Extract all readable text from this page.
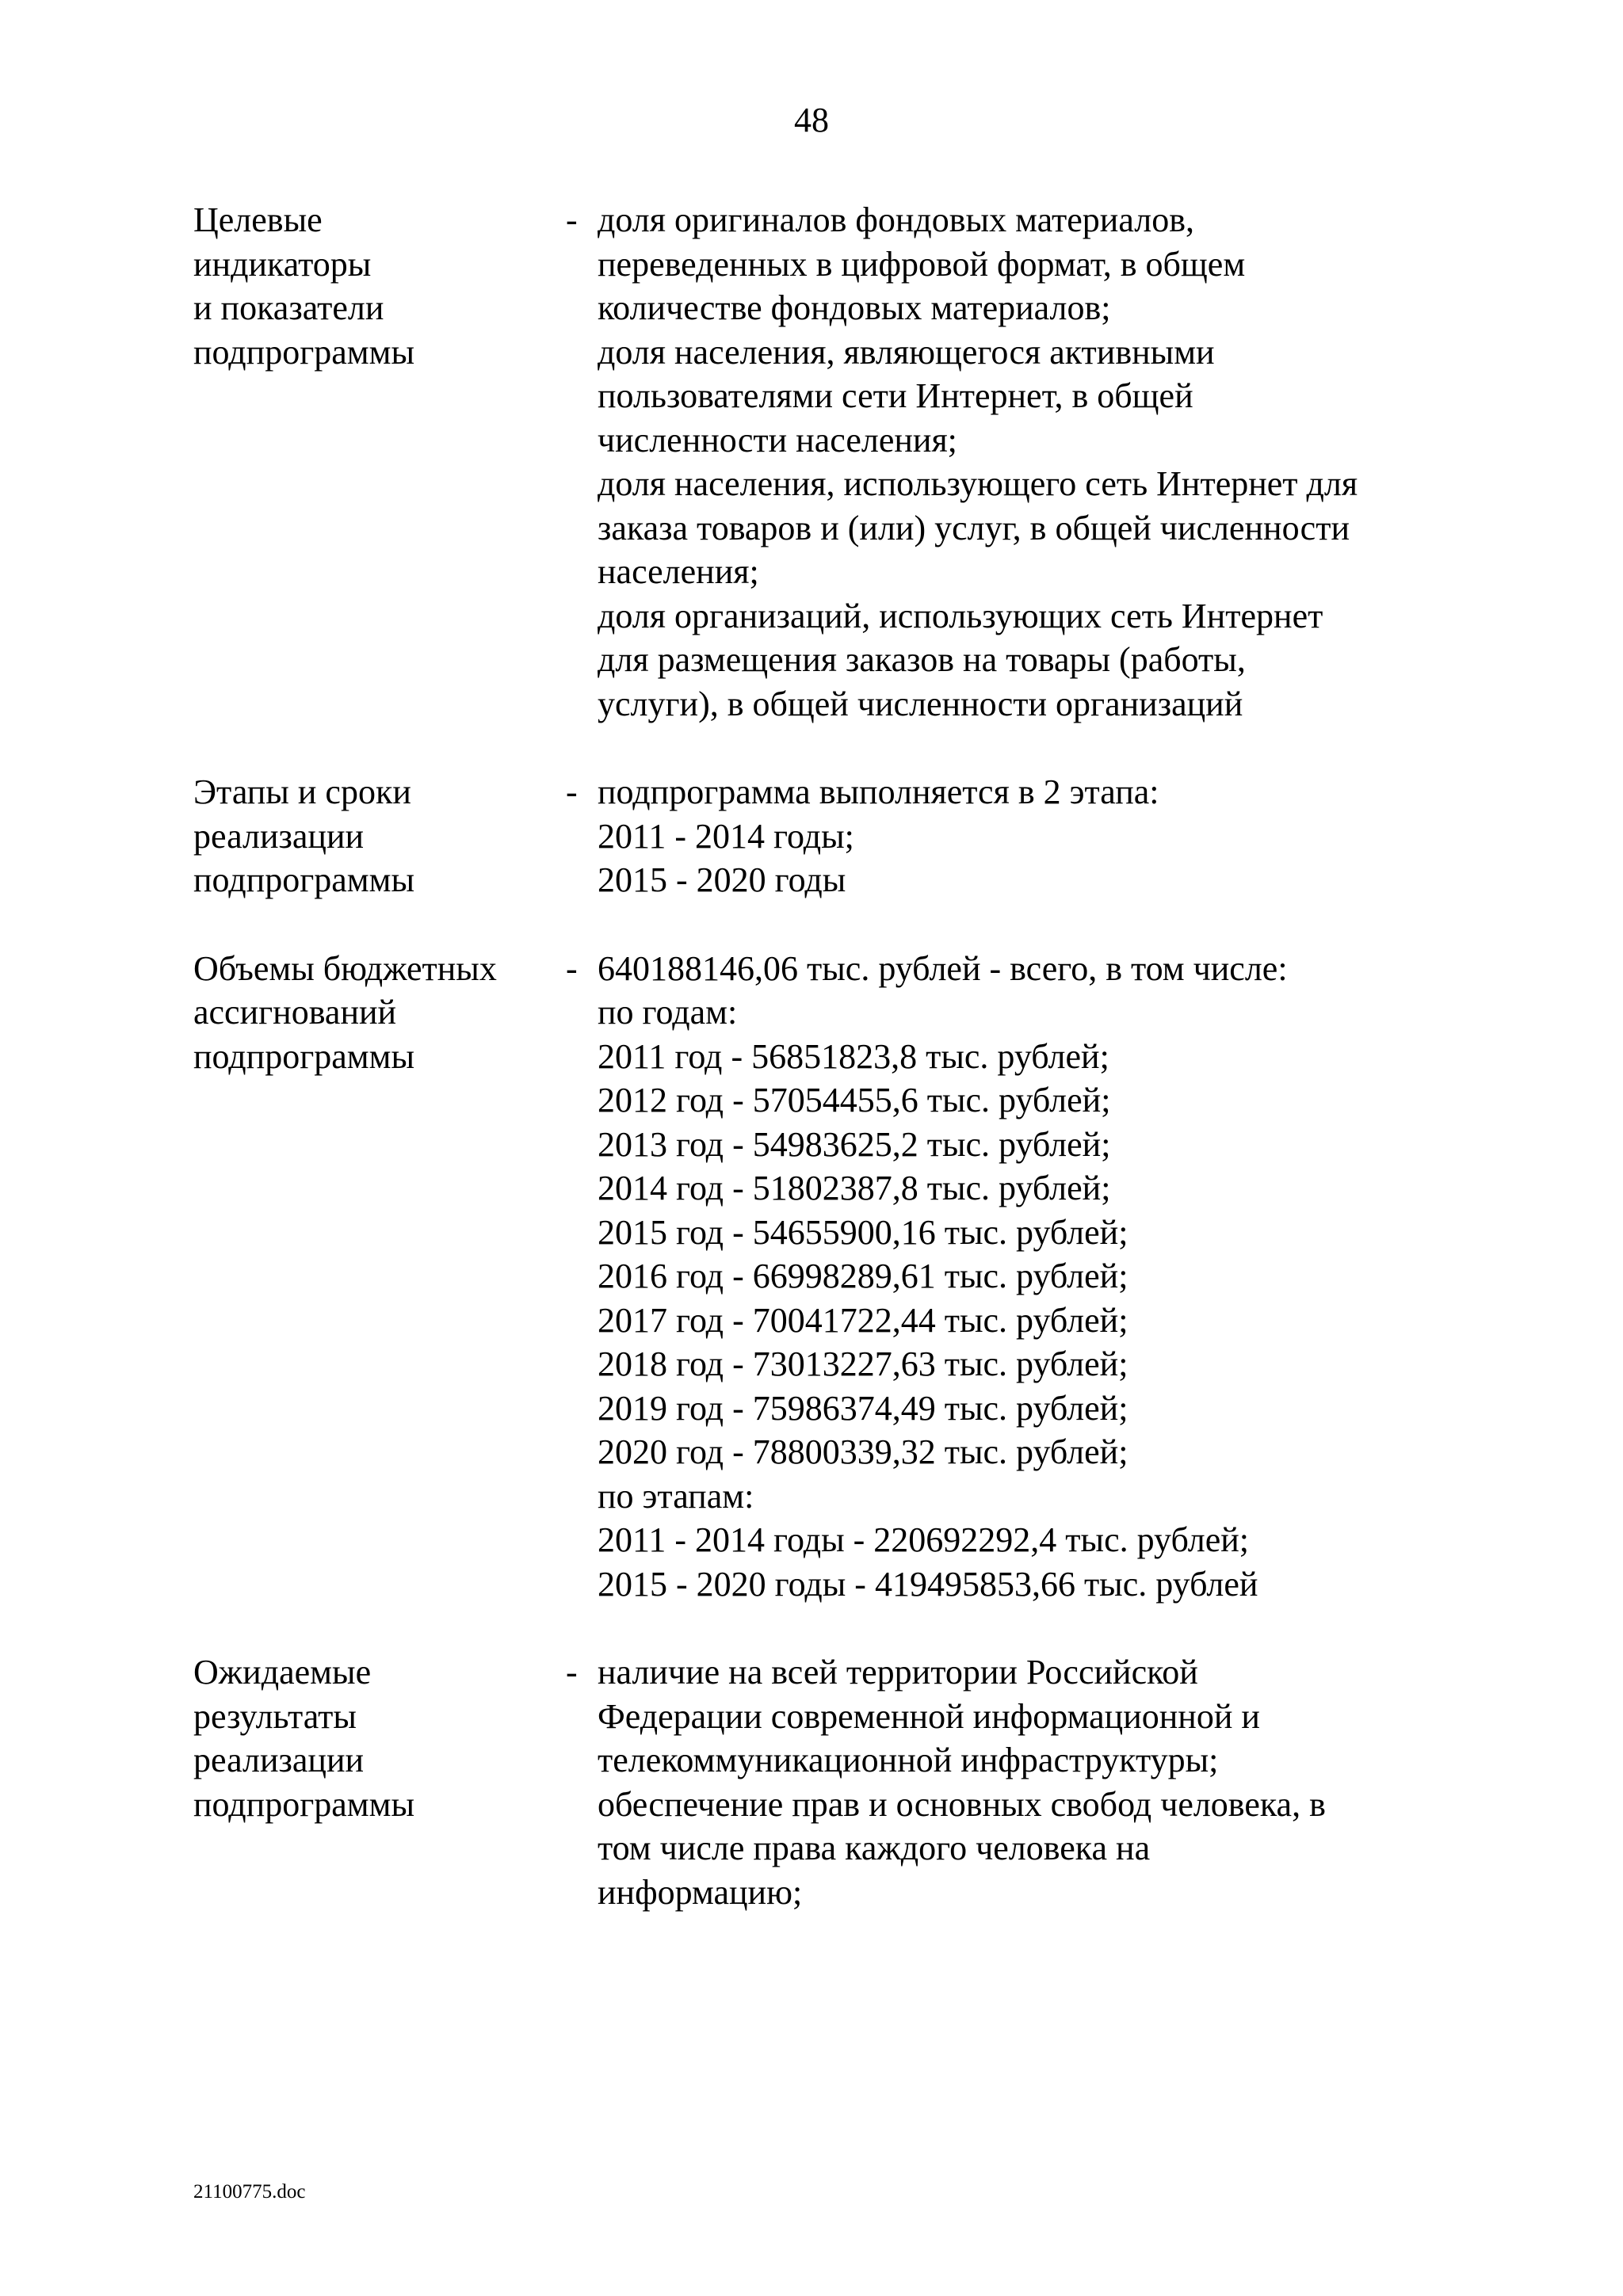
48
Целевые
индикаторы
и показатели
подпрограммы
- доля оригиналов фондовых материалов,
переведенных в цифровой формат, в общем
количестве фондовых материалов;
доля населения, являющегося активными
пользователями сети Интернет, в общей
численности населения;
доля населения, использующего сеть Интернет для
заказа товаров и (или) услуг, в общей численности
населения;
доля организаций, использующих сеть Интернет
для размещения заказов на товары (работы,
услуги), в общей численности организаций
Этапы и сроки
реализации
подпрограммы
- подпрограмма выполняется в 2 этапа:
2011 - 2014 годы;
2015 - 2020 годы
Объемы бюджетных
ассигнований
подпрограммы
- 640188146,06 тыс. рублей - всего, в том числе:
по годам:
2011 год - 56851823,8 тыс. рублей;
2012 год - 57054455,6 тыс. рублей;
2013 год - 54983625,2 тыс. рублей;
2014 год - 51802387,8 тыс. рублей;
2015 год - 54655900,16 тыс. рублей;
2016 год - 66998289,61 тыс. рублей;
2017 год - 70041722,44 тыс. рублей;
2018 год - 73013227,63 тыс. рублей;
2019 год - 75986374,49 тыс. рублей;
2020 год - 78800339,32 тыс. рублей;
по этапам:
2011 - 2014 годы - 220692292,4 тыс. рублей;
2015 - 2020 годы - 419495853,66 тыс. рублей
Ожидаемые
результаты
реализации
подпрограммы
- наличие на всей территории Российской
Федерации современной информационной и
телекоммуникационной инфраструктуры;
обеспечение прав и основных свобод человека, в
том числе права каждого человека на
информацию;
21100775.doc
